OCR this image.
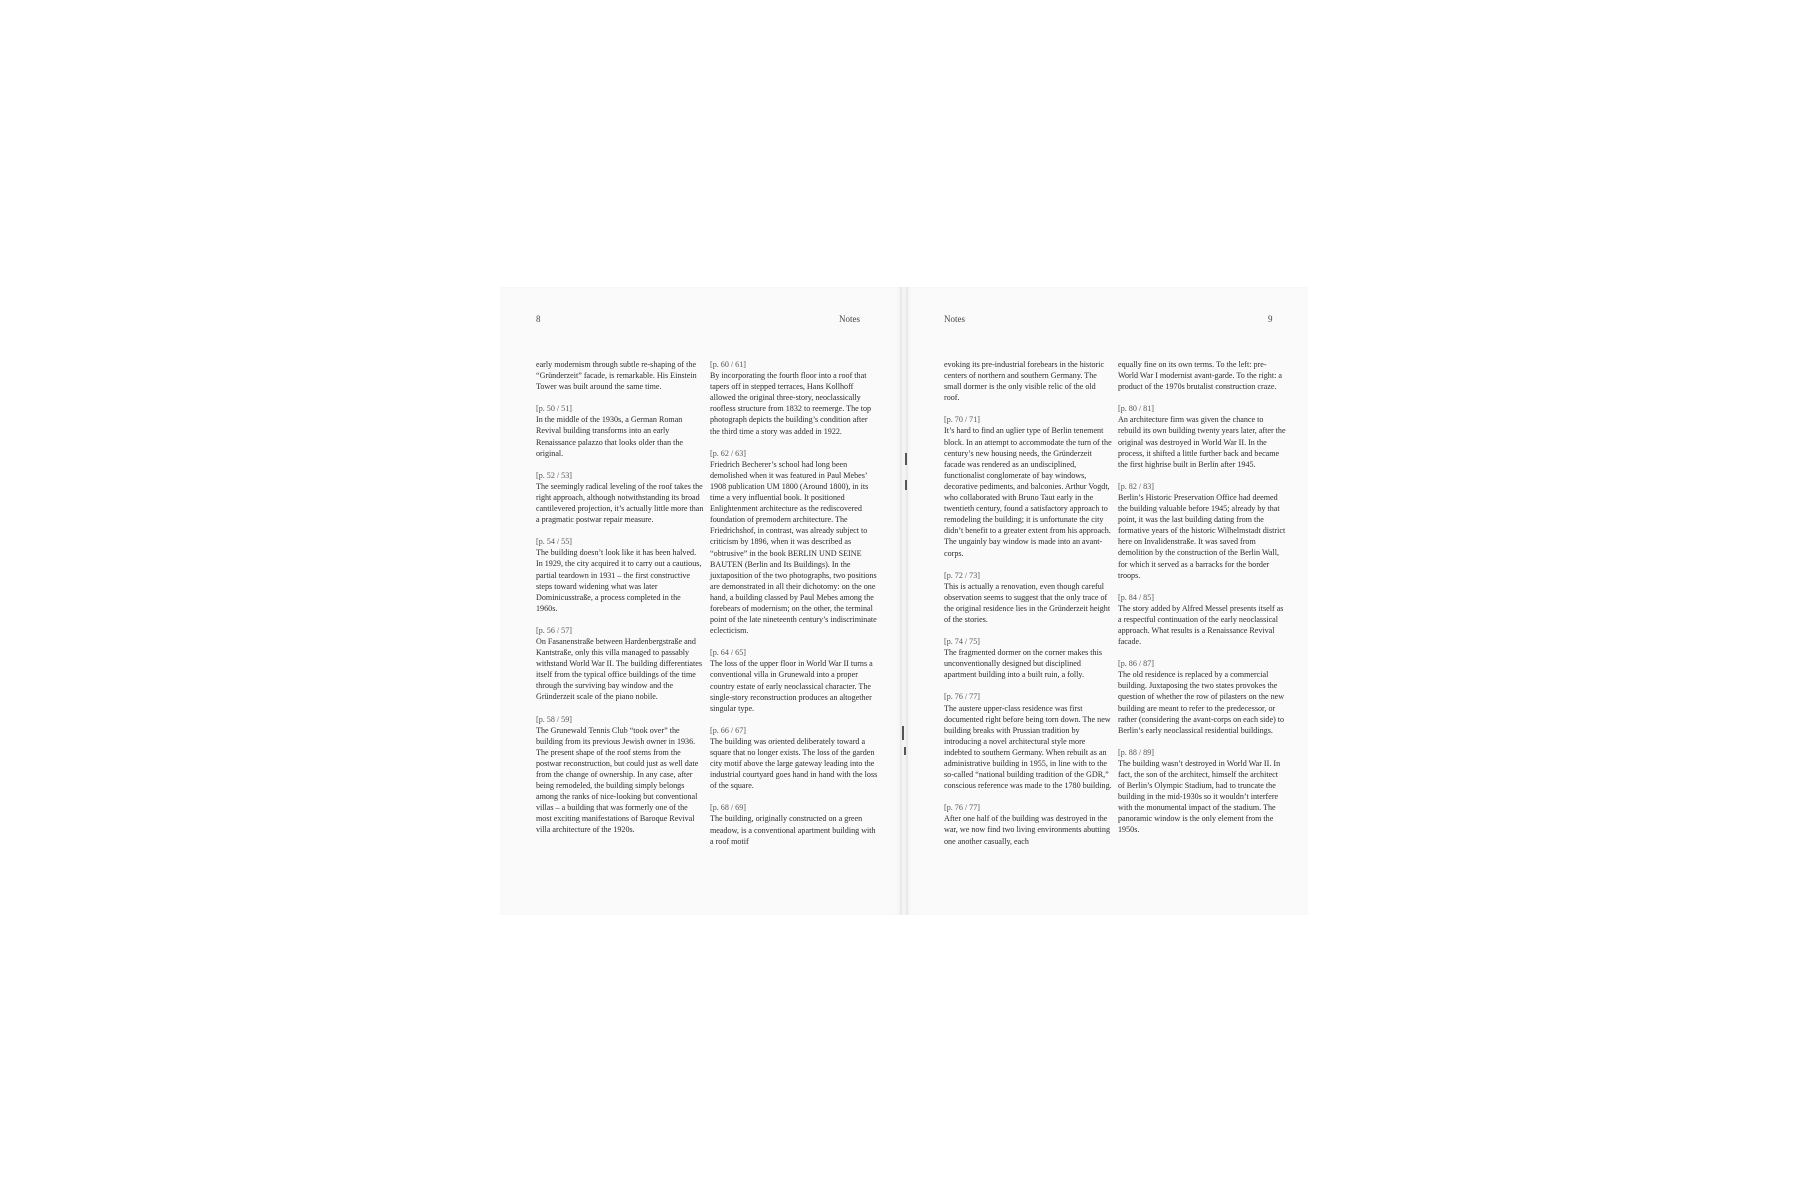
8	Notes
early modernism through subtle re-shaping of the “Gründerzeit” facade, is remarkable. His Einstein Tower was built around the same time.
[p. 50 / 51]
In the middle of the 1930s, a German Roman Revival building transforms into an early Renaissance palazzo that looks older than the original.
[p. 52 / 53]
The seemingly radical leveling of the roof takes the right approach, although notwithstanding its broad cantilevered projection, it’s actually little more than a pragmatic postwar repair measure.
[p. 54 / 55]
The building doesn’t look like it has been halved. In 1929, the city acquired it to carry out a cautious, partial teardown in 1931 – the first constructive steps toward widening what was later Dominicusstraße, a process completed in the 1960s.
[p. 56 / 57]
On Fasanenstraße between Hardenbergstraße and Kantstraße, only this villa managed to passably withstand World War II. The building differentiates itself from the typical office buildings of the time through the surviving bay window and the Gründerzeit scale of the piano nobile.
[p. 58 / 59]
The Grunewald Tennis Club “took over” the building from its previous Jewish owner in 1936. The present shape of the roof stems from the postwar reconstruction, but could just as well date from the change of ownership. In any case, after being remodeled, the building simply belongs among the ranks of nice-looking but conventional villas – a building that was formerly one of the most exciting manifestations of Baroque Revival villa architecture of the 1920s.
[p. 60 / 61]
By incorporating the fourth floor into a roof that tapers off in stepped terraces, Hans Kollhoff allowed the original three-story, neoclassically roofless structure from 1832 to reemerge. The top photograph depicts the building’s condition after the third time a story was added in 1922.
[p. 62 / 63]
Friedrich Becherer’s school had long been demolished when it was featured in Paul Mebes’ 1908 publication UM 1800 (Around 1800), in its time a very influential book. It positioned Enlightenment architecture as the rediscovered foundation of premodern architecture. The Friedrichshof, in contrast, was already subject to criticism by 1896, when it was described as “obtrusive” in the book BERLIN UND SEINE BAUTEN (Berlin and Its Buildings). In the juxtaposition of the two photographs, two positions are demonstrated in all their dichotomy: on the one hand, a building classed by Paul Mebes among the forebears of modernism; on the other, the terminal point of the late nineteenth century’s indiscriminate eclecticism.
[p. 64 / 65]
The loss of the upper floor in World War II turns a conventional villa in Grunewald into a proper country estate of early neoclassical character. The single-story reconstruction produces an altogether singular type.
[p. 66 / 67]
The building was oriented deliberately toward a square that no longer exists. The loss of the garden city motif above the large gateway leading into the industrial courtyard goes hand in hand with the loss of the square.
[p. 68 / 69]
The building, originally constructed on a green meadow, is a conventional apartment building with a roof motif
Notes	9
evoking its pre-industrial forebears in the historic centers of northern and southern Germany. The small dormer is the only visible relic of the old roof.
[p. 70 / 71]
It’s hard to find an uglier type of Berlin tenement block. In an attempt to accommodate the turn of the century’s new housing needs, the Gründerzeit facade was rendered as an undisciplined, functionalist conglomerate of bay windows, decorative pediments, and balconies. Arthur Vogdt, who collaborated with Bruno Taut early in the twentieth century, found a satisfactory approach to remodeling the building; it is unfortunate the city didn’t benefit to a greater extent from his approach. The ungainly bay window is made into an avant-corps.
[p. 72 / 73]
This is actually a renovation, even though careful observation seems to suggest that the only trace of the original residence lies in the Gründerzeit height of the stories.
[p. 74 / 75]
The fragmented dormer on the corner makes this unconventionally designed but disciplined apartment building into a built ruin, a folly.
[p. 76 / 77]
The austere upper-class residence was first documented right before being torn down. The new building breaks with Prussian tradition by introducing a novel architectural style more indebted to southern Germany. When rebuilt as an administrative building in 1955, in line with to the so-called “national building tradition of the GDR,” conscious reference was made to the 1780 building.
[p. 76 / 77]
After one half of the building was destroyed in the war, we now find two living environments abutting one another casually, each
equally fine on its own terms. To the left: pre-World War I modernist avant-garde. To the right: a product of the 1970s brutalist construction craze.
[p. 80 / 81]
An architecture firm was given the chance to rebuild its own building twenty years later, after the original was destroyed in World War II. In the process, it shifted a little further back and became the first highrise built in Berlin after 1945.
[p. 82 / 83]
Berlin’s Historic Preservation Office had deemed the building valuable before 1945; already by that point, it was the last building dating from the formative years of the historic Wilhelmstadt district here on Invalidenstraße. It was saved from demolition by the construction of the Berlin Wall, for which it served as a barracks for the border troops.
[p. 84 / 85]
The story added by Alfred Messel presents itself as a respectful continuation of the early neoclassical approach. What results is a Renaissance Revival facade.
[p. 86 / 87]
The old residence is replaced by a commercial building. Juxtaposing the two states provokes the question of whether the row of pilasters on the new building are meant to refer to the predecessor, or rather (considering the avant-corps on each side) to Berlin’s early neoclassical residential buildings.
[p. 88 / 89]
The building wasn’t destroyed in World War II. In fact, the son of the architect, himself the architect of Berlin’s Olympic Stadium, had to truncate the building in the mid-1930s so it wouldn’t interfere with the monumental impact of the stadium. The panoramic window is the only element from the 1950s.
